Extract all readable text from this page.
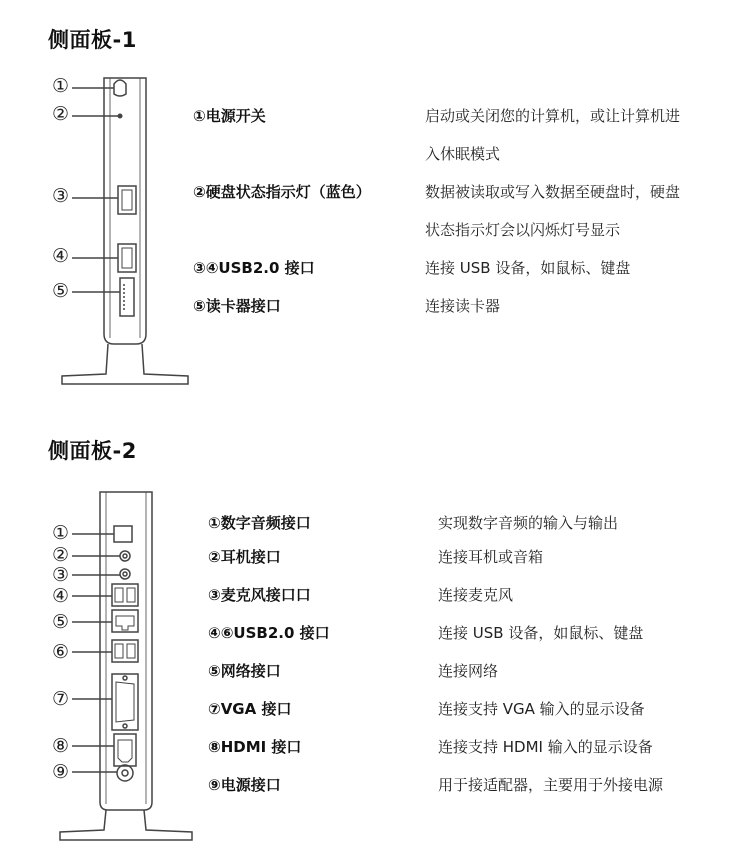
侧面板-1
①
②
③
④
⑤
①电源开关	启动或关闭您的计算机，或让计算机进
入休眠模式
②硬盘状态指示灯（蓝色）	数据被读取或写入数据至硬盘时，硬盘
状态指示灯会以闪烁灯号显示
③④USB2.0 接口	连接 USB 设备，如鼠标、键盘
⑤读卡器接口	连接读卡器
侧面板-2
①
②
③
④
⑤
⑥
⑦
⑧
⑨
①数字音频接口	实现数字音频的输入与输出
②耳机接口	连接耳机或音箱
③麦克风接口口	连接麦克风
④⑥USB2.0 接口	连接 USB 设备，如鼠标、键盘
⑤网络接口	连接网络
⑦VGA 接口	连接支持 VGA 输入的显示设备
⑧HDMI 接口	连接支持 HDMI 输入的显示设备
⑨电源接口	用于接适配器，主要用于外接电源
